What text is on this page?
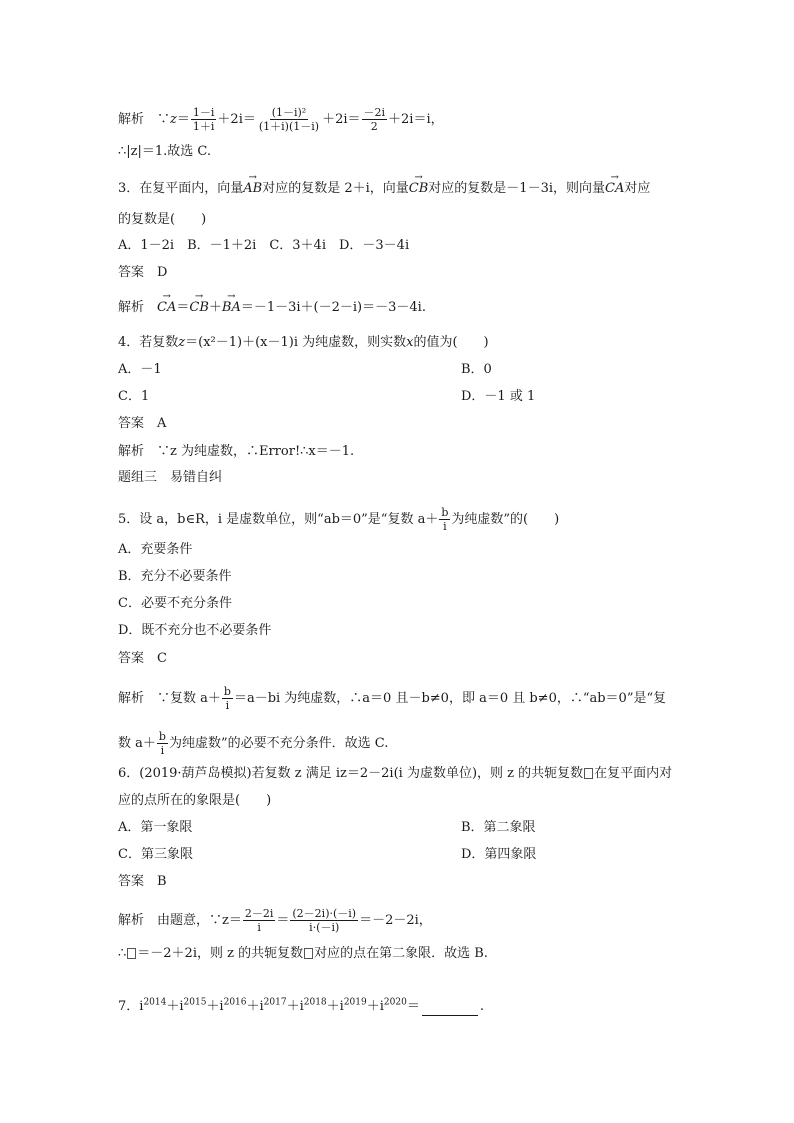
解析　∵z＝ $\frac{1-i}{1+i} +2i= \frac{\text{(1－i)²}}{(1+i)(1-i)} +2i= \frac{-2i}{2} +2i=i$，
∴|z|＝1.故选 C.
3．在复平面内，向量→ AB对应的复数是 2＋i，向量→ CB对应的复数是－1－3i，则向量→ CA对应
的复数是(　　)
A．1－2i　B．－1＋2i　C．3＋4i　D．－3－4i
答案　D
解析　→ CA＝→ CB＋→ BA＝－1－3i＋(－2－i)＝－3－4i.
4．若复数z＝(x²－1)＋(x－1)i 为纯虚数，则实数x的值为(　　)
A．－1	B．0
C．1	D．－1 或 1
答案　A
解析　∵z 为纯虚数，∴Error!∴x＝－1.
题组三　易错自纠
5．设 a，b∈R，i 是虚数单位，则“ab＝0”是“复数 $a+ \frac{b}{i}$ 为纯虚数”的(　　)
A．充要条件
B．充分不必要条件
C．必要不充分条件
D．既不充分也不必要条件
答案　C
解析　∵复数 $a+ \frac{b}{i} =a-bi$ 为纯虚数，∴a＝0 且－b≠0，即 a＝0 且 b≠0，∴“ab＝0”是“复
数 $a+ \frac{b}{i}$ 为纯虚数”的必要不充分条件．故选 C.
6．(2019·葫芦岛模拟)若复数 z 满足 iz＝2－2i(i 为虚数单位)，则 z 的共轭复数 在复平面内对
应的点所在的象限是(　　)
A．第一象限	B．第二象限
C．第三象限	D．第四象限
答案　B
解析　由题意，∵z＝ $\frac{2-2i}{i} = \frac{(2-2i)\cdot(-i)}{i\cdot(-i)} =-2-2i$，
∴ ＝－2＋2i，则 z 的共轭复数 对应的点在第二象限．故选 B.
7．$i^{2014}+i^{2015}+i^{2016}+i^{2017}+i^{2018}+i^{2019}+i^{2020}=$	.
